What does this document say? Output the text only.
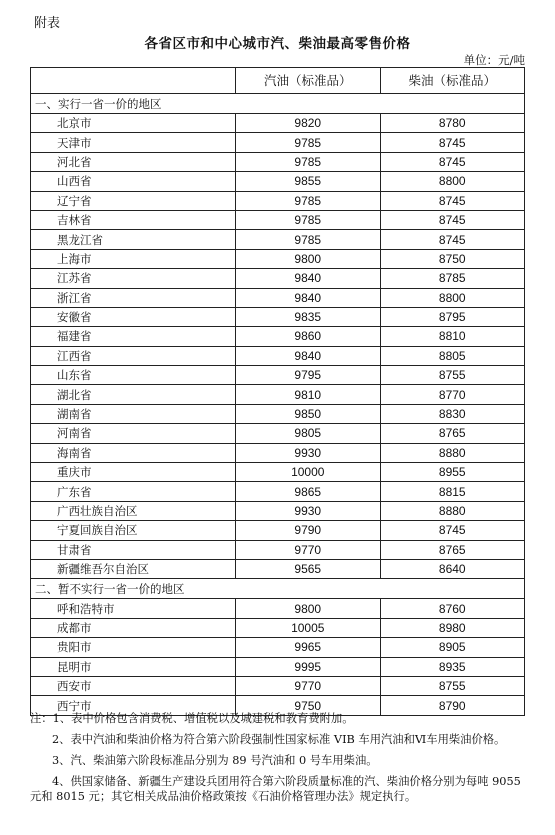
附表
各省区市和中心城市汽、柴油最高零售价格
单位：元/吨
	汽油（标准品）	柴油（标准品）
一、实行一省一价的地区		
北京市	9820	8780
天津市	9785	8745
河北省	9785	8745
山西省	9855	8800
辽宁省	9785	8745
吉林省	9785	8745
黑龙江省	9785	8745
上海市	9800	8750
江苏省	9840	8785
浙江省	9840	8800
安徽省	9835	8795
福建省	9860	8810
江西省	9840	8805
山东省	9795	8755
湖北省	9810	8770
湖南省	9850	8830
河南省	9805	8765
海南省	9930	8880
重庆市	10000	8955
广东省	9865	8815
广西壮族自治区	9930	8880
宁夏回族自治区	9790	8745
甘肃省	9770	8765
新疆维吾尔自治区	9565	8640
二、暂不实行一省一价的地区		
呼和浩特市	9800	8760
成都市	10005	8980
贵阳市	9965	8905
昆明市	9995	8935
西安市	9770	8755
西宁市	9750	8790
注：1、表中价格包含消费税、增值税以及城建税和教育费附加。
2、表中汽油和柴油价格为符合第六阶段强制性国家标准 VIB 车用汽油和Ⅵ车用柴油价格。
3、汽、柴油第六阶段标准品分别为 89 号汽油和 0 号车用柴油。
4、供国家储备、新疆生产建设兵团用符合第六阶段质量标准的汽、柴油价格分别为每吨 9055 元和 8015 元；其它相关成品油价格政策按《石油价格管理办法》规定执行。
